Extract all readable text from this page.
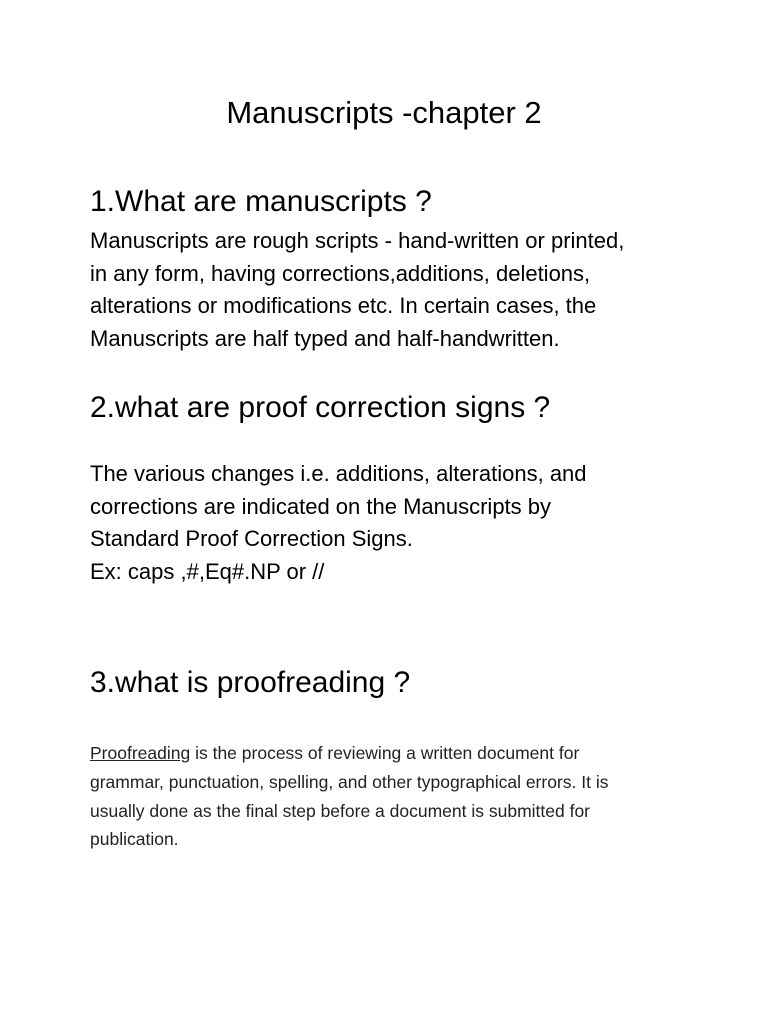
Manuscripts -chapter 2
1.What are manuscripts ?

Manuscripts are rough scripts - hand-written or printed,
in any form, having corrections,additions, deletions,
alterations or modifications etc. In certain cases, the
Manuscripts are half typed and half-handwritten.

2.what are proof correction signs ?

The various changes i.e. additions, alterations, and
corrections are indicated on the Manuscripts by
Standard Proof Correction Signs.
Ex: caps ,#,Eq#.NP or //

3.what is proofreading ?

Proofreading is the process of reviewing a written document for
grammar, punctuation, spelling, and other typographical errors. It is
usually done as the final step before a document is submitted for
publication.
